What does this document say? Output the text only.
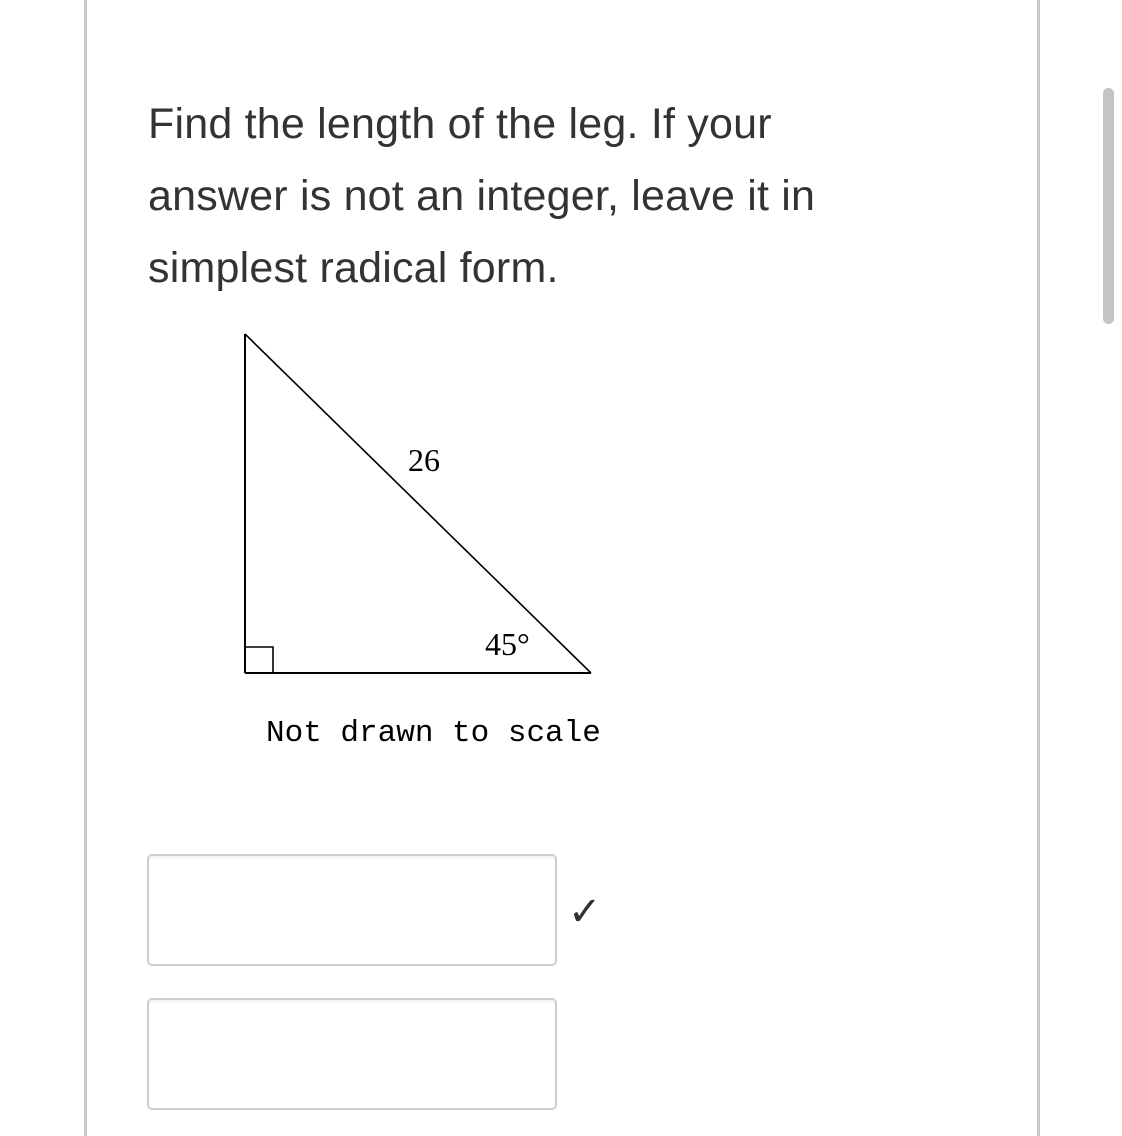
Find the length of the leg. If your answer is not an integer, leave it in simplest radical form.

26
45°
Not drawn to scale
✓
